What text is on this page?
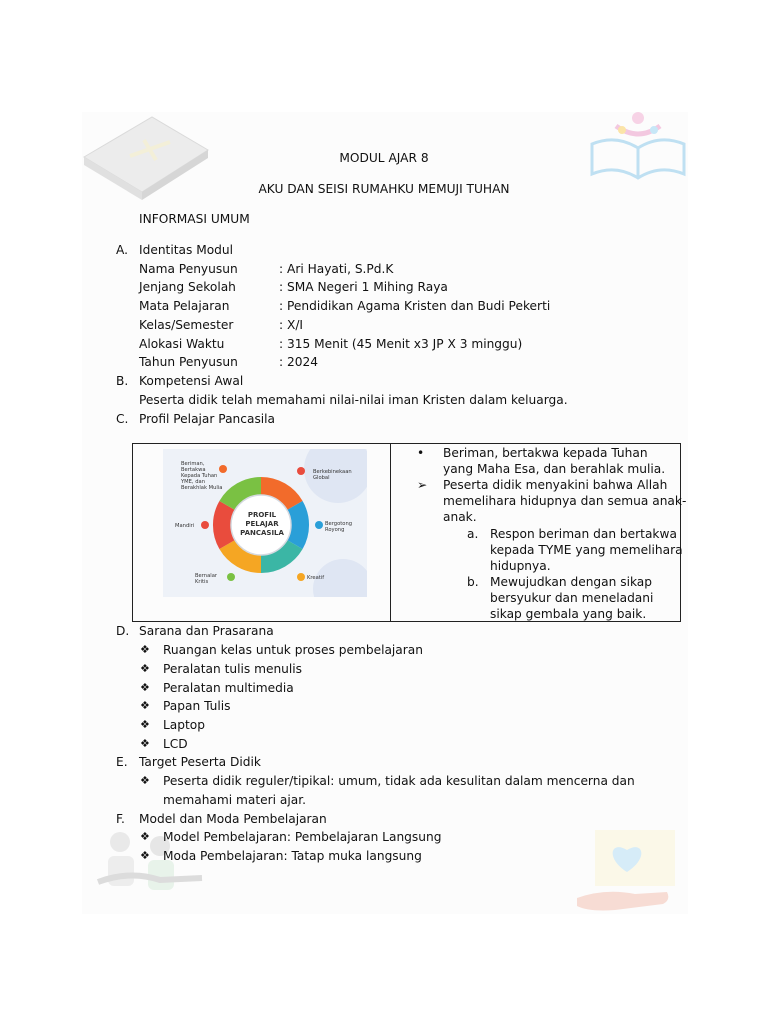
MODUL AJAR 8
AKU DAN SEISI RUMAHKU MEMUJI TUHAN
INFORMASI UMUM
A. Identitas Modul
Nama Penyusun	: Ari Hayati, S.Pd.K
Jenjang Sekolah	: SMA Negeri 1 Mihing Raya
Mata Pelajaran	: Pendidikan Agama Kristen dan Budi Pekerti
Kelas/Semester	: X/I
Alokasi Waktu	: 315 Menit (45 Menit x3 JP X 3 minggu)
Tahun Penyusun	: 2024
B. Kompetensi Awal
Peserta didik telah memahami nilai-nilai iman Kristen dalam keluarga.
C. Profil Pelajar Pancasila
PROFIL
PELAJAR
PANCASILA
Beriman, Bertakwa Kepada Tuhan YME, dan Berakhlak Mulia
Berkebinekaan Global
Bergotong Royong
Kreatif
Bernalar Kritis
Mandiri
• Beriman, bertakwa kepada Tuhan yang Maha Esa, dan berahlak mulia.
➢ Peserta didik menyakini bahwa Allah
memelihara hidupnya dan semua anak-
anak.
a. Respon beriman dan bertakwa
kepada TYME yang memelihara
hidupnya.
b. Mewujudkan dengan sikap
bersyukur dan meneladani
sikap gembala yang baik.
D. Sarana dan Prasarana
❖ Ruangan kelas untuk proses pembelajaran
❖ Peralatan tulis menulis
❖ Peralatan multimedia
❖ Papan Tulis
❖ Laptop
❖ LCD
E. Target Peserta Didik
❖ Peserta didik reguler/tipikal: umum, tidak ada kesulitan dalam mencerna dan
memahami materi ajar.
F. Model dan Moda Pembelajaran
❖ Model Pembelajaran: Pembelajaran Langsung
❖ Moda Pembelajaran: Tatap muka langsung
